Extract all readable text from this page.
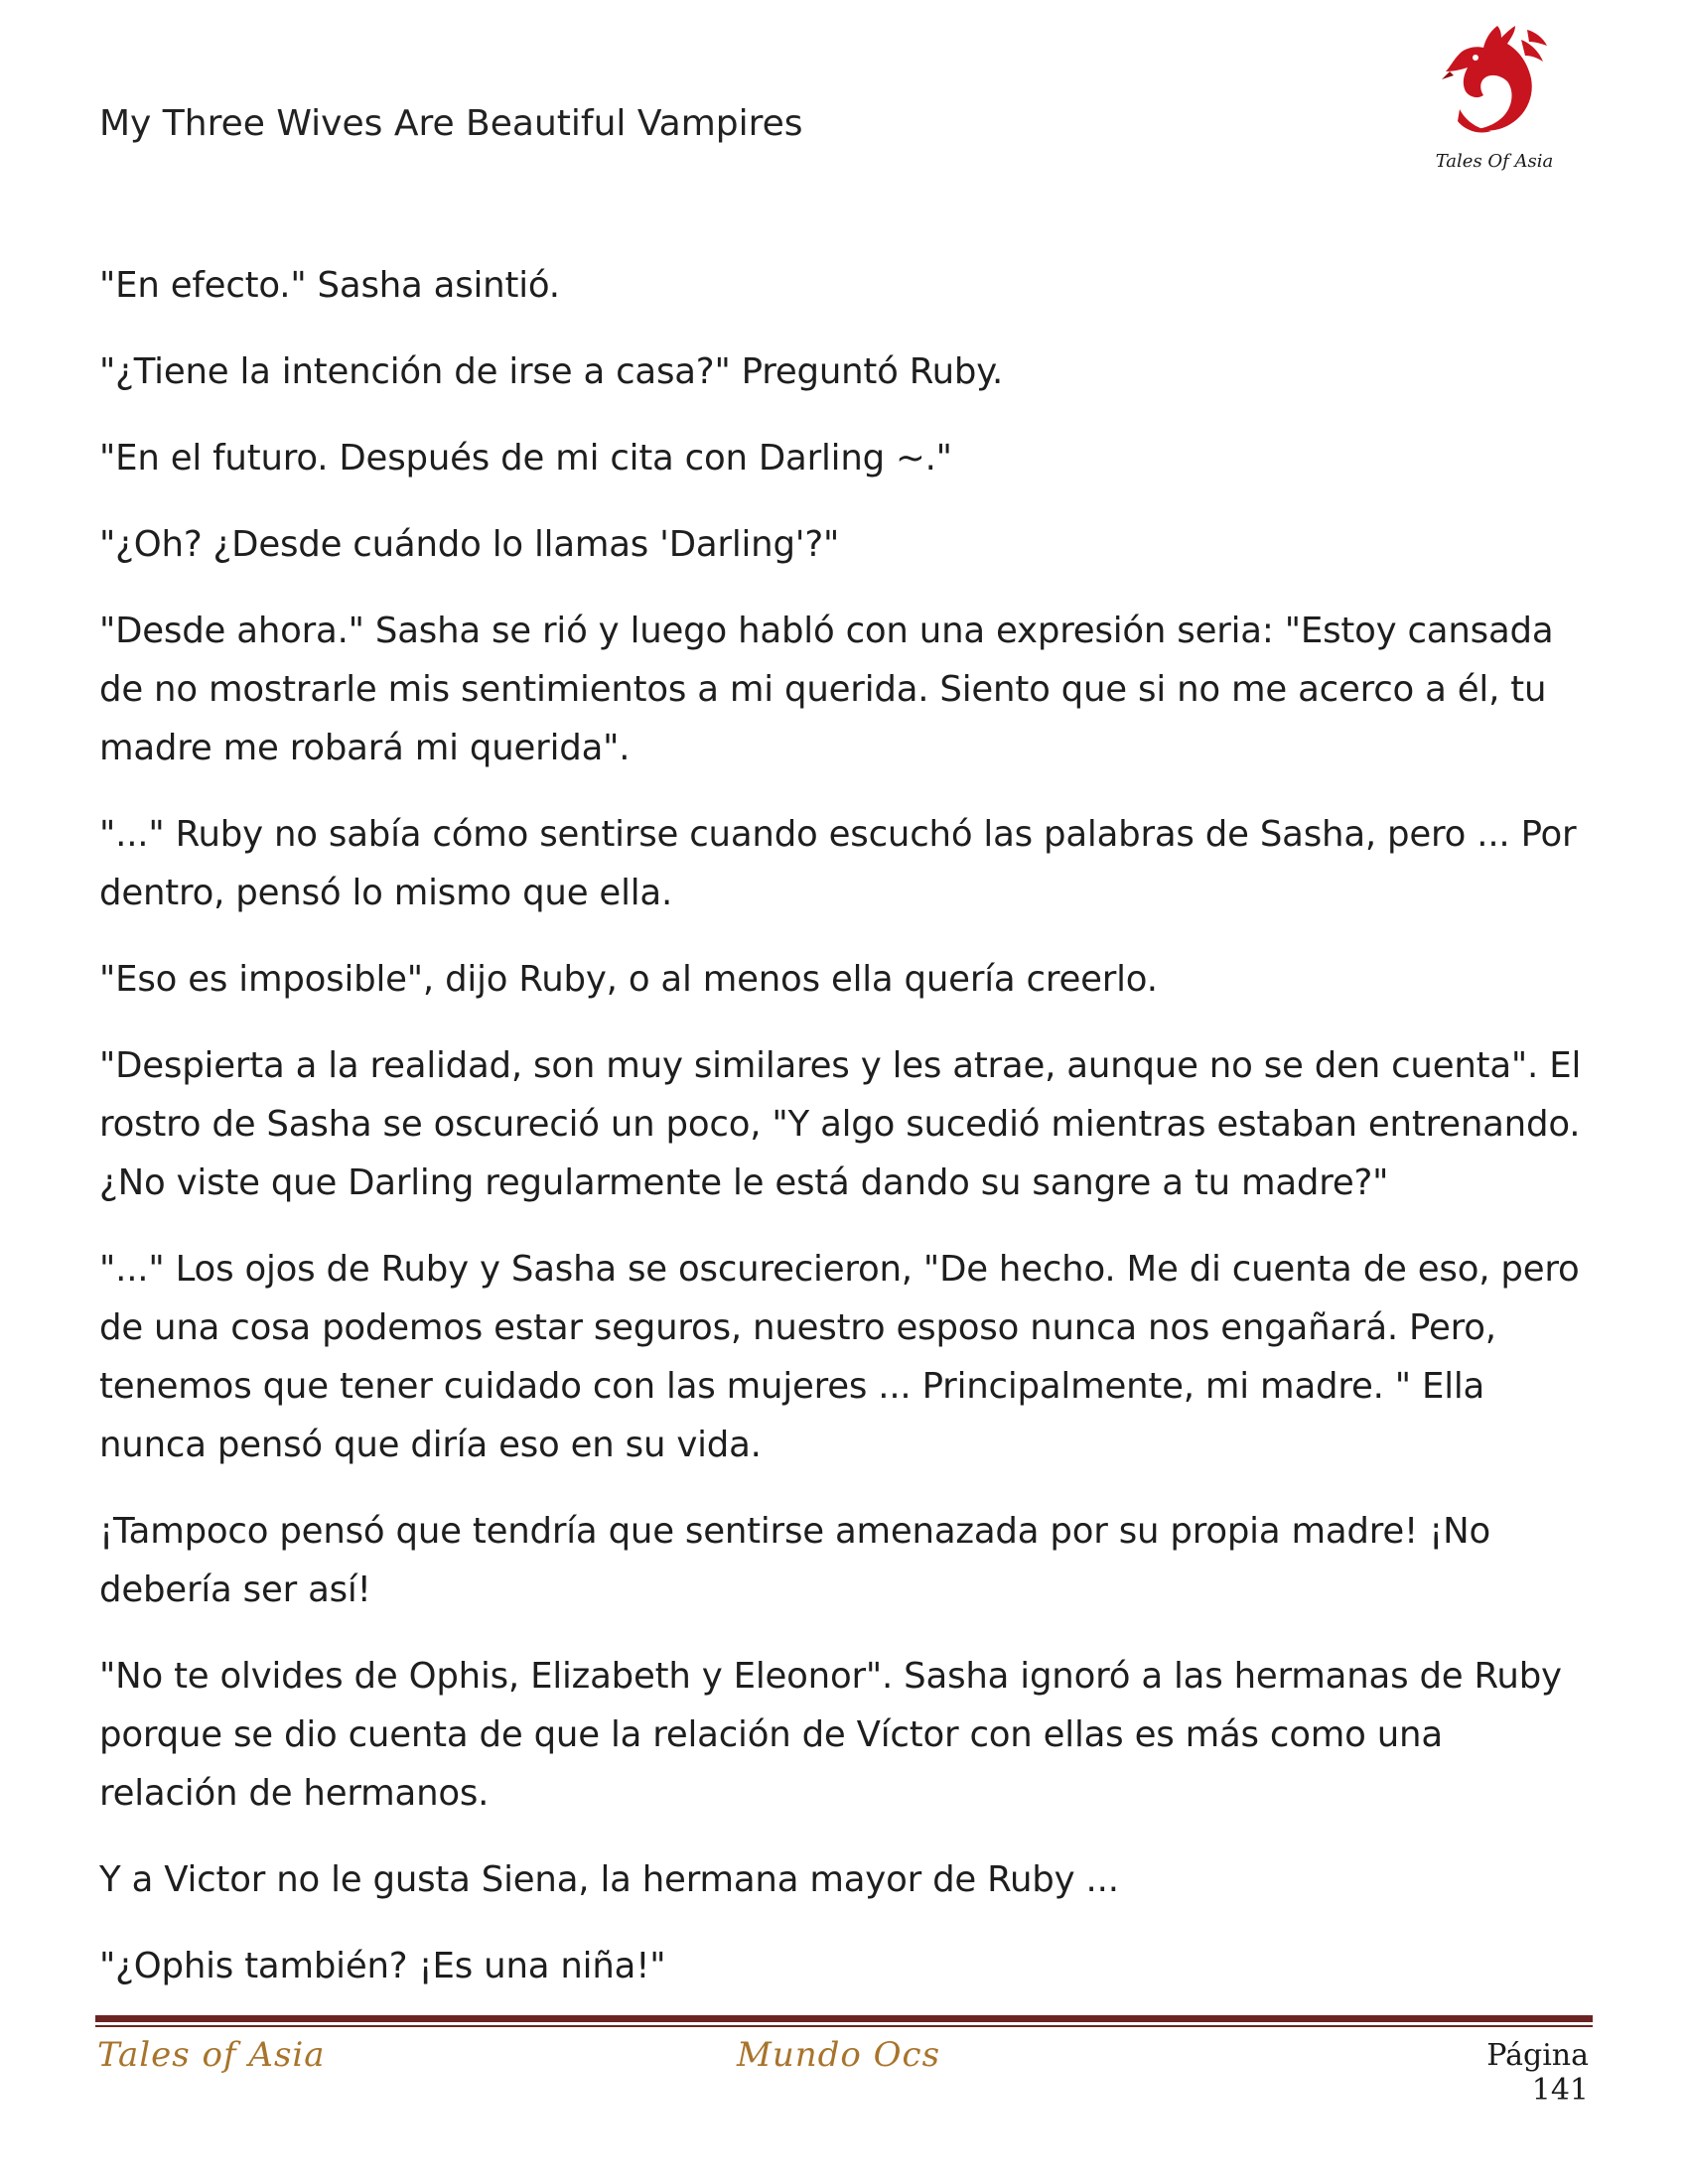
My Three Wives Are Beautiful Vampires
Tales Of Asia

"En efecto." Sasha asintió.

"¿Tiene la intención de irse a casa?" Preguntó Ruby.

"En el futuro. Después de mi cita con Darling ~."

"¿Oh? ¿Desde cuándo lo llamas 'Darling'?"

"Desde ahora." Sasha se rió y luego habló con una expresión seria: "Estoy cansada de no mostrarle mis sentimientos a mi querida. Siento que si no me acerco a él, tu madre me robará mi querida".

"..." Ruby no sabía cómo sentirse cuando escuchó las palabras de Sasha, pero ... Por dentro, pensó lo mismo que ella.

"Eso es imposible", dijo Ruby, o al menos ella quería creerlo.

"Despierta a la realidad, son muy similares y les atrae, aunque no se den cuenta". El rostro de Sasha se oscureció un poco, "Y algo sucedió mientras estaban entrenando. ¿No viste que Darling regularmente le está dando su sangre a tu madre?"

"..." Los ojos de Ruby y Sasha se oscurecieron, "De hecho. Me di cuenta de eso, pero de una cosa podemos estar seguros, nuestro esposo nunca nos engañará. Pero, tenemos que tener cuidado con las mujeres ... Principalmente, mi madre. " Ella nunca pensó que diría eso en su vida.

¡Tampoco pensó que tendría que sentirse amenazada por su propia madre! ¡No debería ser así!

"No te olvides de Ophis, Elizabeth y Eleonor". Sasha ignoró a las hermanas de Ruby porque se dio cuenta de que la relación de Víctor con ellas es más como una relación de hermanos.

Y a Victor no le gusta Siena, la hermana mayor de Ruby ...

"¿Ophis también? ¡Es una niña!"

Tales of Asia	Mundo Ocs	Página 141
